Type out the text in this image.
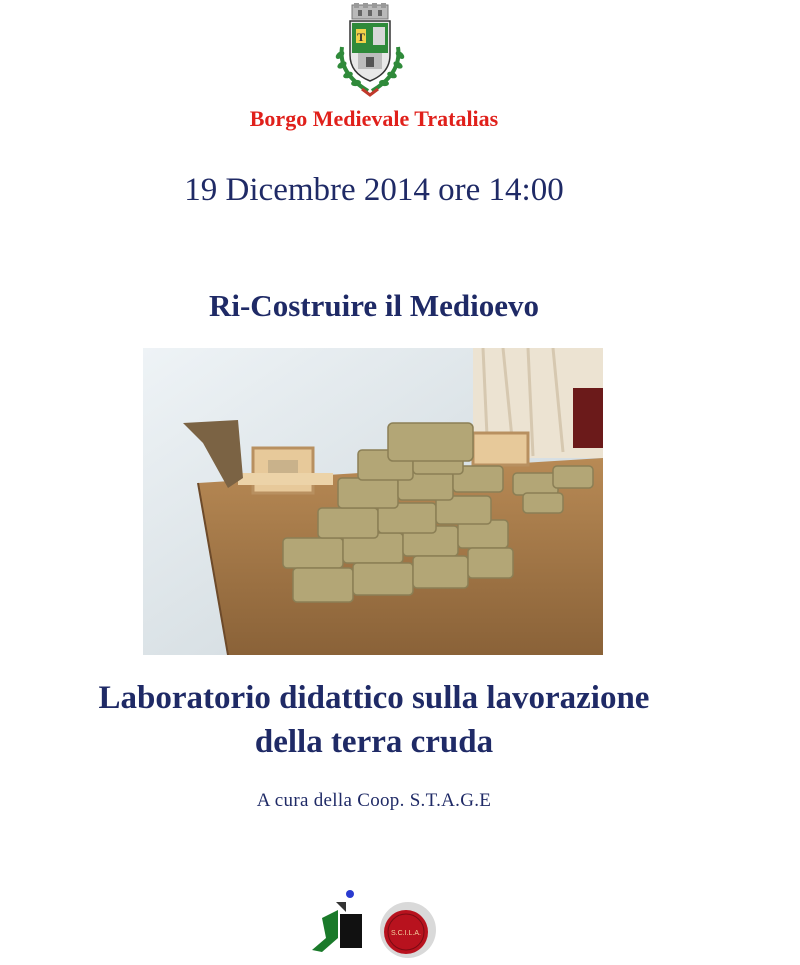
T
Borgo Medievale Tratalias
19 Dicembre 2014 ore 14:00
Ri-Costruire il Medioevo
Laboratorio didattico sulla lavorazione
della terra cruda
A cura della Coop. S.T.A.G.E
S.C.I.L.A.
